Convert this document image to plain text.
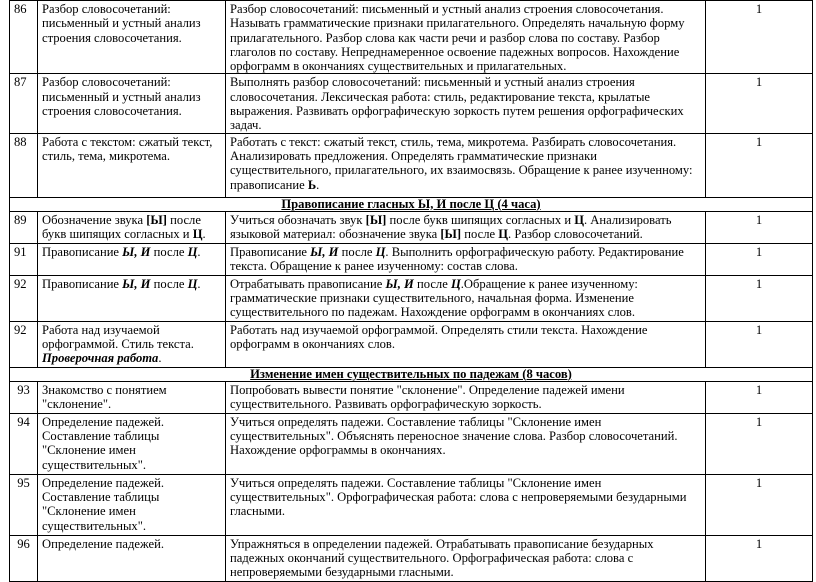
86	Разбор словосочетаний: письменный и устный анализ строения словосочетания.	Разбор словосочетаний: письменный и устный анализ строения словосочетания. Называть грамматические признаки прилагательного. Определять начальную форму прилагательного. Разбор слова как части речи и разбор слова по составу. Разбор глаголов по составу. Непреднамеренное освоение падежных вопросов. Нахождение орфограмм в окончаниях существительных и прилагательных.	1
87	Разбор словосочетаний: письменный и устный анализ строения словосочетания.	Выполнять разбор словосочетаний: письменный и устный анализ строения словосочетания. Лексическая работа: стиль, редактирование текста, крылатые выражения. Развивать орфографическую зоркость путем решения орфографических задач.	1
88	Работа с текстом: сжатый текст, стиль, тема, микротема.	Работать с текст: сжатый текст, стиль, тема, микротема. Разбирать словосочетания. Анализировать предложения. Определять грамматические признаки существительного, прилагательного, их взаимосвязь. Обращение к ранее изученному: правописание Ь.	1
Правописание гласных Ы, И после Ц (4 часа)			
89	Обозначение звука [Ы] после букв шипящих согласных и Ц.	Учиться обозначать звук [Ы] после букв шипящих согласных и Ц. Анализировать языковой материал: обозначение звука [Ы] после Ц. Разбор словосочетаний.	1
91	Правописание Ы, И после Ц.	Правописание Ы, И после Ц. Выполнить орфографическую работу. Редактирование текста. Обращение к ранее изученному: состав слова.	1
92	Правописание Ы, И после Ц.	Отрабатывать правописание Ы, И после Ц.Обращение к ранее изученному: грамматические признаки существительного, начальная форма. Изменение существительного по падежам. Нахождение орфограмм в окончаниях слов.	1
92	Работа над изучаемой орфограммой. Стиль текста. Проверочная работа.	Работать над изучаемой орфограммой. Определять стили текста. Нахождение орфограмм в окончаниях слов.	1
Изменение имен существительных по падежам (8 часов)			
93	Знакомство с понятием "склонение".	Попробовать вывести понятие "склонение". Определение падежей имени существительного. Развивать орфографическую зоркость.	1
94	Определение падежей. Составление таблицы "Склонение имен существительных".	Учиться определять падежи. Составление таблицы "Склонение имен существительных". Объяснять переносное значение слова. Разбор словосочетаний. Нахождение орфограммы в окончаниях.	1
95	Определение падежей. Составление таблицы "Склонение имен существительных".	Учиться определять падежи. Составление таблицы "Склонение имен существительных". Орфографическая работа: слова с непроверяемыми безударными гласными.	1
96	Определение падежей.	Упражняться в определении падежей. Отрабатывать правописание безударных падежных окончаний существительного. Орфографическая работа: слова с непроверяемыми безударными гласными.	1
